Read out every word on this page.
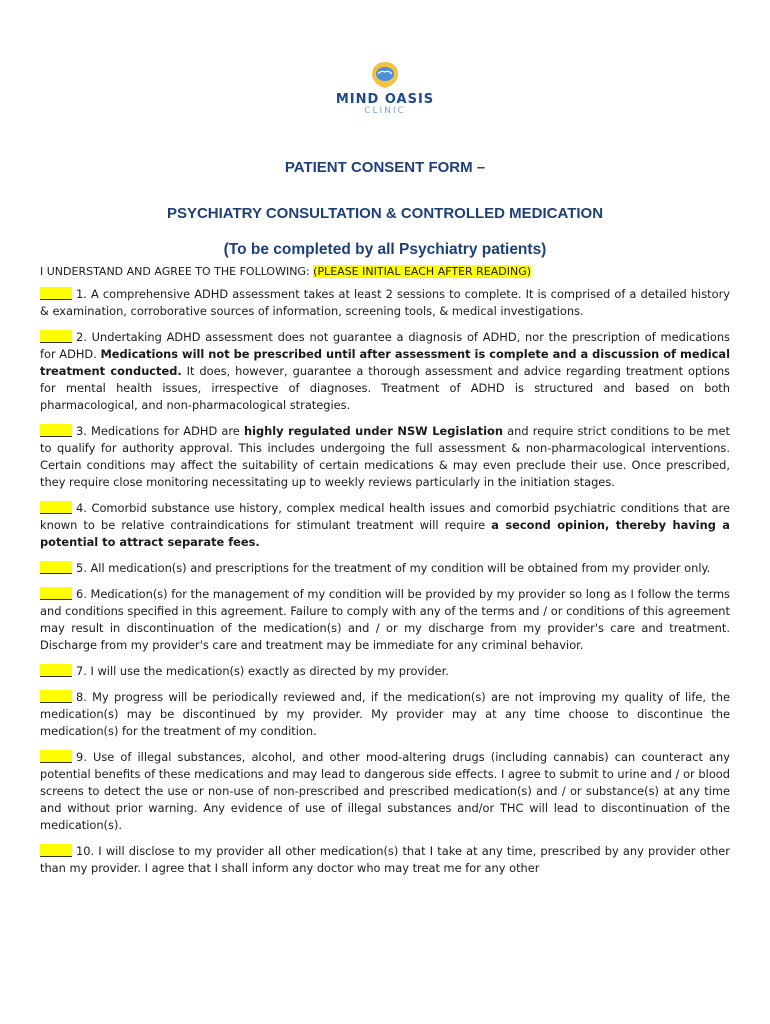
MIND OASIS
CLINIC

PATIENT CONSENT FORM –

PSYCHIATRY CONSULTATION & CONTROLLED MEDICATION

(To be completed by all Psychiatry patients)

I UNDERSTAND AND AGREE TO THE FOLLOWING: (PLEASE INITIAL EACH AFTER READING)

1. A comprehensive ADHD assessment takes at least 2 sessions to complete. It is comprised of a detailed history & examination, corroborative sources of information, screening tools, & medical investigations.

2. Undertaking ADHD assessment does not guarantee a diagnosis of ADHD, nor the prescription of medications for ADHD. Medications will not be prescribed until after assessment is complete and a discussion of medical treatment conducted. It does, however, guarantee a thorough assessment and advice regarding treatment options for mental health issues, irrespective of diagnoses. Treatment of ADHD is structured and based on both pharmacological, and non-pharmacological strategies.

3. Medications for ADHD are highly regulated under NSW Legislation and require strict conditions to be met to qualify for authority approval. This includes undergoing the full assessment & non-pharmacological interventions. Certain conditions may affect the suitability of certain medications & may even preclude their use. Once prescribed, they require close monitoring necessitating up to weekly reviews particularly in the initiation stages.

4. Comorbid substance use history, complex medical health issues and comorbid psychiatric conditions that are known to be relative contraindications for stimulant treatment will require a second opinion, thereby having a potential to attract separate fees.

5. All medication(s) and prescriptions for the treatment of my condition will be obtained from my provider only.

6. Medication(s) for the management of my condition will be provided by my provider so long as I follow the terms and conditions specified in this agreement. Failure to comply with any of the terms and / or conditions of this agreement may result in discontinuation of the medication(s) and / or my discharge from my provider's care and treatment. Discharge from my provider's care and treatment may be immediate for any criminal behavior.

7. I will use the medication(s) exactly as directed by my provider.

8. My progress will be periodically reviewed and, if the medication(s) are not improving my quality of life, the medication(s) may be discontinued by my provider. My provider may at any time choose to discontinue the medication(s) for the treatment of my condition.

9. Use of illegal substances, alcohol, and other mood-altering drugs (including cannabis) can counteract any potential benefits of these medications and may lead to dangerous side effects. I agree to submit to urine and / or blood screens to detect the use or non-use of non-prescribed and prescribed medication(s) and / or substance(s) at any time and without prior warning. Any evidence of use of illegal substances and/or THC will lead to discontinuation of the medication(s).

10. I will disclose to my provider all other medication(s) that I take at any time, prescribed by any provider other than my provider. I agree that I shall inform any doctor who may treat me for any other
